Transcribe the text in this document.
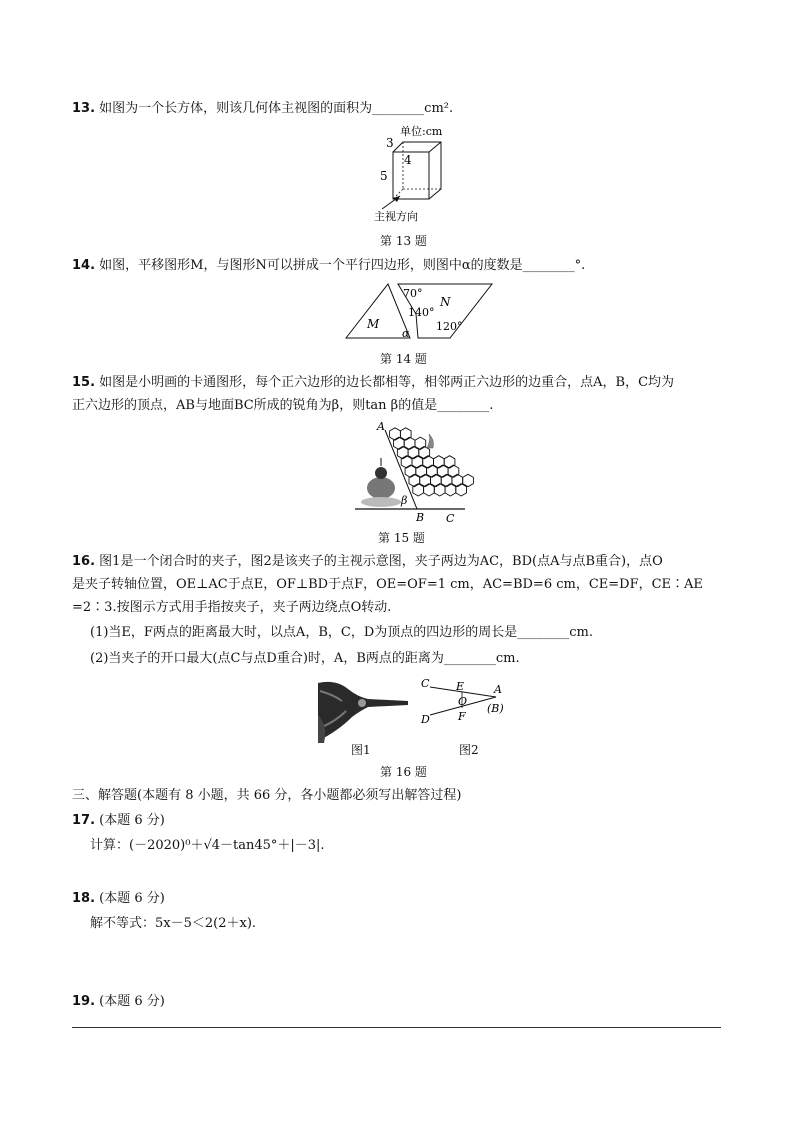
13. 如图为一个长方体，则该几何体主视图的面积为________cm².
单位:cm
3
4
5
主视方向
第 13 题
14. 如图，平移图形M，与图形N可以拼成一个平行四边形，则图中α的度数是________°.
M
N
70°
140°
120°
α
第 14 题
15. 如图是小明画的卡通图形，每个正六边形的边长都相等，相邻两正六边形的边重合，点A，B，C均为
正六边形的顶点，AB与地面BC所成的锐角为β，则tan β的值是________.
A
β
B C
第 15 题
16. 图1是一个闭合时的夹子，图2是该夹子的主视示意图，夹子两边为AC，BD(点A与点B重合)，点O
是夹子转轴位置，OE⊥AC于点E，OF⊥BD于点F，OE=OF=1 cm，AC=BD=6 cm，CE=DF，CE∶AE
=2∶3.按图示方式用手指按夹子，夹子两边绕点O转动.
(1)当E，F两点的距离最大时，以点A，B，C，D为顶点的四边形的周长是________cm.
(2)当夹子的开口最大(点C与点D重合)时，A，B两点的距离为________cm.
图1
C E	A
O
(B)
D	F
图2
第 16 题
三、解答题(本题有 8 小题，共 66 分，各小题都必须写出解答过程)
17. (本题 6 分)
计算：(－2020)⁰＋√4－tan45°＋|－3|.
18. (本题 6 分)
解不等式：5x－5＜2(2＋x).
19. (本题 6 分)
